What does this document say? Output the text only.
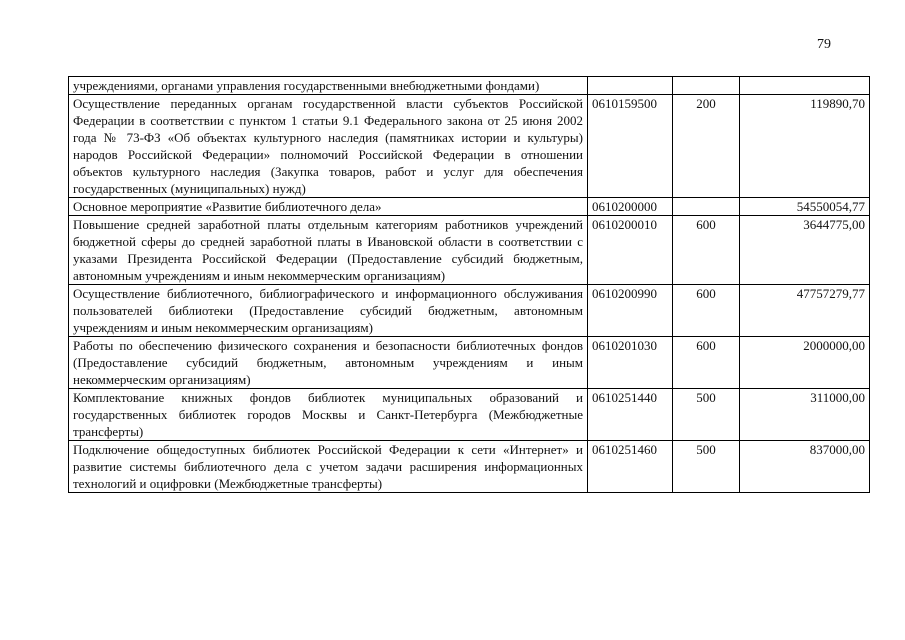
79
учреждениями, органами управления государственными внебюджетными фондами)			
Осуществление переданных органам государственной власти субъектов Российской Федерации в соответствии с пунктом 1 статьи 9.1 Федерального закона от 25 июня 2002 года № 73-ФЗ «Об объектах культурного наследия (памятниках истории и культуры) народов Российской Федерации» полномочий Российской Федерации в отношении объектов культурного наследия (Закупка товаров, работ и услуг для обеспечения государственных (муниципальных) нужд)	0610159500	200	119890,70
Основное мероприятие «Развитие библиотечного дела»	0610200000		54550054,77
Повышение средней заработной платы отдельным категориям работников учреждений бюджетной сферы до средней заработной платы в Ивановской области в соответствии с указами Президента Российской Федерации (Предоставление субсидий бюджетным, автономным учреждениям и иным некоммерческим организациям)	0610200010	600	3644775,00
Осуществление библиотечного, библиографического и информационного обслуживания пользователей библиотеки (Предоставление субсидий бюджетным, автономным учреждениям и иным некоммерческим организациям)	0610200990	600	47757279,77
Работы по обеспечению физического сохранения и безопасности библиотечных фондов (Предоставление субсидий бюджетным, автономным учреждениям и иным некоммерческим организациям)	0610201030	600	2000000,00
Комплектование книжных фондов библиотек муниципальных образований и государственных библиотек городов Москвы и Санкт-Петербурга (Межбюджетные трансферты)	0610251440	500	311000,00
Подключение общедоступных библиотек Российской Федерации к сети «Интернет» и развитие системы библиотечного дела с учетом задачи расширения информационных технологий и оцифровки (Межбюджетные трансферты)	0610251460	500	837000,00
